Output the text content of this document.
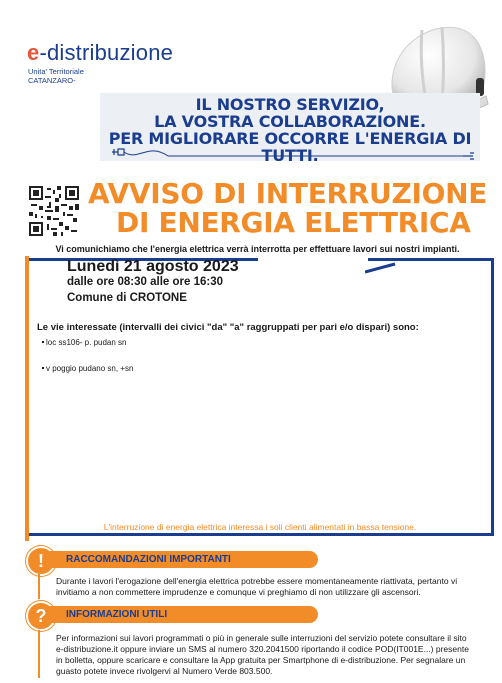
e-distribuzione
Unita' Territoriale
CATANZARO-
IL NOSTRO SERVIZIO,
LA VOSTRA COLLABORAZIONE.
PER MIGLIORARE OCCORRE L'ENERGIA DI TUTTI.
AVVISO DI INTERRUZIONE
DI ENERGIA ELETTRICA
Vi comunichiamo che l'energia elettrica verrà interrotta per effettuare lavori sui nostri impianti.
Lunedì 21 agosto 2023
dalle ore 08:30 alle ore 16:30
Comune di CROTONE
Le vie interessate (intervalli dei civici "da" "a" raggruppati per pari e/o dispari) sono:
loc ss106- p. pudan sn
v poggio pudano sn, +sn
L'interruzione di energia elettrica interessa i soli clienti alimentati in bassa tensione.
!	RACCOMANDAZIONI IMPORTANTI
Durante i lavori l'erogazione dell'energia elettrica potrebbe essere momentaneamente riattivata, pertanto vi invitiamo a non commettere imprudenze e comunque vi preghiamo di non utilizzare gli ascensori.
?	INFORMAZIONI UTILI
Per informazioni sui lavori programmati o più in generale sulle interruzioni del servizio potete consultare il sito e-distribuzione.it oppure inviare un SMS al numero 320.2041500 riportando il codice POD(IT001E...) presente in bolletta, oppure scaricare e consultare la App gratuita per Smartphone di e-distribuzione. Per segnalare un guasto potete invece rivolgervi al Numero Verde 803.500.
